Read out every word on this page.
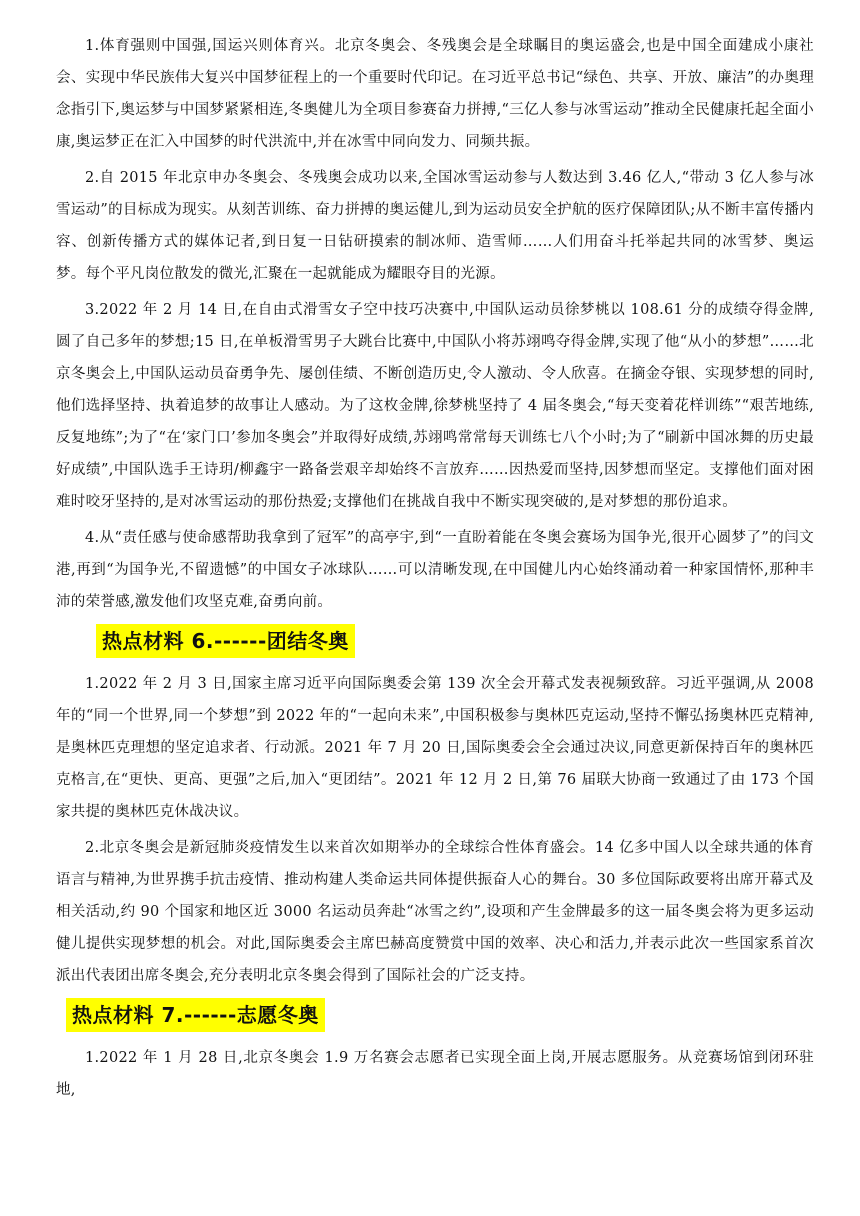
1.体育强则中国强,国运兴则体育兴。北京冬奥会、冬残奥会是全球瞩目的奥运盛会,也是中国全面建成小康社会、实现中华民族伟大复兴中国梦征程上的一个重要时代印记。在习近平总书记“绿色、共享、开放、廉洁”的办奥理念指引下,奥运梦与中国梦紧紧相连,冬奥健儿为全项目参赛奋力拼搏,“三亿人参与冰雪运动”推动全民健康托起全面小康,奥运梦正在汇入中国梦的时代洪流中,并在冰雪中同向发力、同频共振。

2.自 2015 年北京申办冬奥会、冬残奥会成功以来,全国冰雪运动参与人数达到 3.46 亿人,“带动 3 亿人参与冰雪运动”的目标成为现实。从刻苦训练、奋力拼搏的奥运健儿,到为运动员安全护航的医疗保障团队;从不断丰富传播内容、创新传播方式的媒体记者,到日复一日钻研摸索的制冰师、造雪师……人们用奋斗托举起共同的冰雪梦、奥运梦。每个平凡岗位散发的微光,汇聚在一起就能成为耀眼夺目的光源。

3.2022 年 2 月 14 日,在自由式滑雪女子空中技巧决赛中,中国队运动员徐梦桃以 108.61 分的成绩夺得金牌,圆了自己多年的梦想;15 日,在单板滑雪男子大跳台比赛中,中国队小将苏翊鸣夺得金牌,实现了他“从小的梦想”……北京冬奥会上,中国队运动员奋勇争先、屡创佳绩、不断创造历史,令人激动、令人欣喜。在摘金夺银、实现梦想的同时,他们选择坚持、执着追梦的故事让人感动。为了这枚金牌,徐梦桃坚持了 4 届冬奥会,“每天变着花样训练”“艰苦地练,反复地练”;为了“在‘家门口’参加冬奥会”并取得好成绩,苏翊鸣常常每天训练七八个小时;为了“刷新中国冰舞的历史最好成绩”,中国队选手王诗玥/柳鑫宇一路备尝艰辛却始终不言放弃……因热爱而坚持,因梦想而坚定。支撑他们面对困难时咬牙坚持的,是对冰雪运动的那份热爱;支撑他们在挑战自我中不断实现突破的,是对梦想的那份追求。

4.从“责任感与使命感帮助我拿到了冠军”的高亭宇,到“一直盼着能在冬奥会赛场为国争光,很开心圆梦了”的闫文港,再到“为国争光,不留遗憾”的中国女子冰球队……可以清晰发现,在中国健儿内心始终涌动着一种家国情怀,那种丰沛的荣誉感,激发他们攻坚克难,奋勇向前。

热点材料 6.------团结冬奥

1.2022 年 2 月 3 日,国家主席习近平向国际奥委会第 139 次全会开幕式发表视频致辞。习近平强调,从 2008 年的“同一个世界,同一个梦想”到 2022 年的“一起向未来”,中国积极参与奥林匹克运动,坚持不懈弘扬奥林匹克精神,是奥林匹克理想的坚定追求者、行动派。2021 年 7 月 20 日,国际奥委会全会通过决议,同意更新保持百年的奥林匹克格言,在“更快、更高、更强”之后,加入“更团结”。2021 年 12 月 2 日,第 76 届联大协商一致通过了由 173 个国家共提的奥林匹克休战决议。

2.北京冬奥会是新冠肺炎疫情发生以来首次如期举办的全球综合性体育盛会。14 亿多中国人以全球共通的体育语言与精神,为世界携手抗击疫情、推动构建人类命运共同体提供振奋人心的舞台。30 多位国际政要将出席开幕式及相关活动,约 90 个国家和地区近 3000 名运动员奔赴“冰雪之约”,设项和产生金牌最多的这一届冬奥会将为更多运动健儿提供实现梦想的机会。对此,国际奥委会主席巴赫高度赞赏中国的效率、决心和活力,并表示此次一些国家系首次派出代表团出席冬奥会,充分表明北京冬奥会得到了国际社会的广泛支持。

热点材料 7.------志愿冬奥

1.2022 年 1 月 28 日,北京冬奥会 1.9 万名赛会志愿者已实现全面上岗,开展志愿服务。从竞赛场馆到闭环驻地,
